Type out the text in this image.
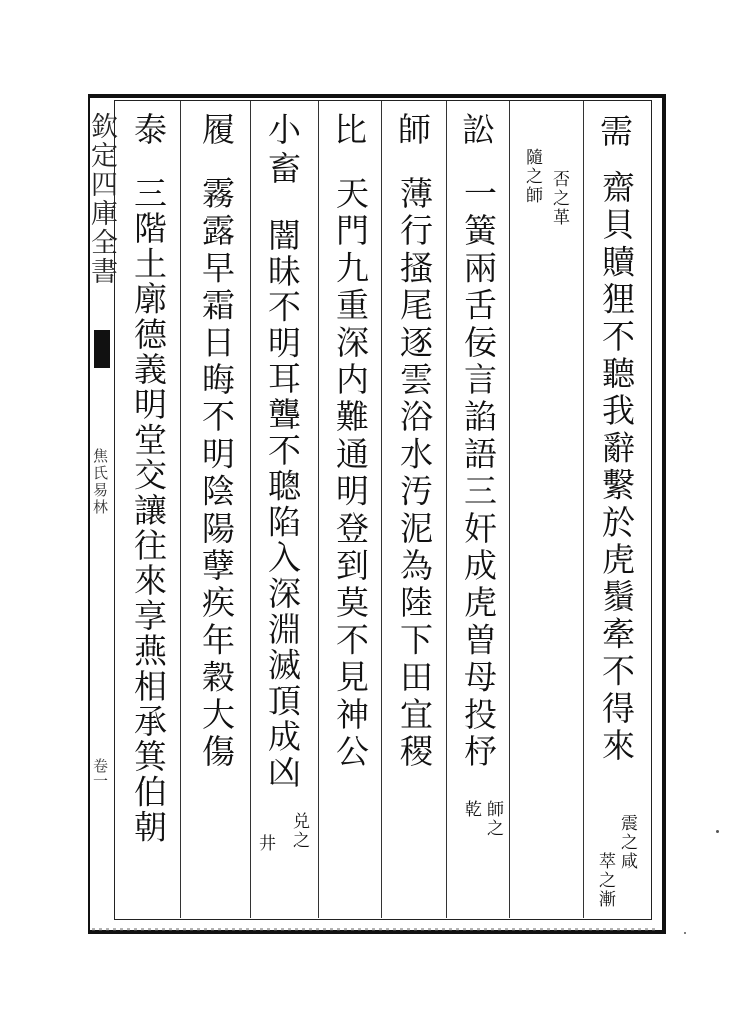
欽定四庫全書
焦氏易林
卷一
需
齋貝贖狸不聽我辭繫於虎鬚牽不得來
震之咸
萃之漸
否之革
隨之師
訟
一簧兩舌佞言諂語三奸成虎曽母投杼
師之
乾
師
薄行搔尾逐雲浴水汚泥為陸下田宜稷
比
天門九重深内難通明登到莫不見神公
小畜
闇昧不明耳聾不聰陷入深淵滅頂成凶
兑之
井
履
霧露早霜日晦不明陰陽孽疾年穀大傷
泰
三階土廓德義明堂交讓往來享燕相承箕伯朝
